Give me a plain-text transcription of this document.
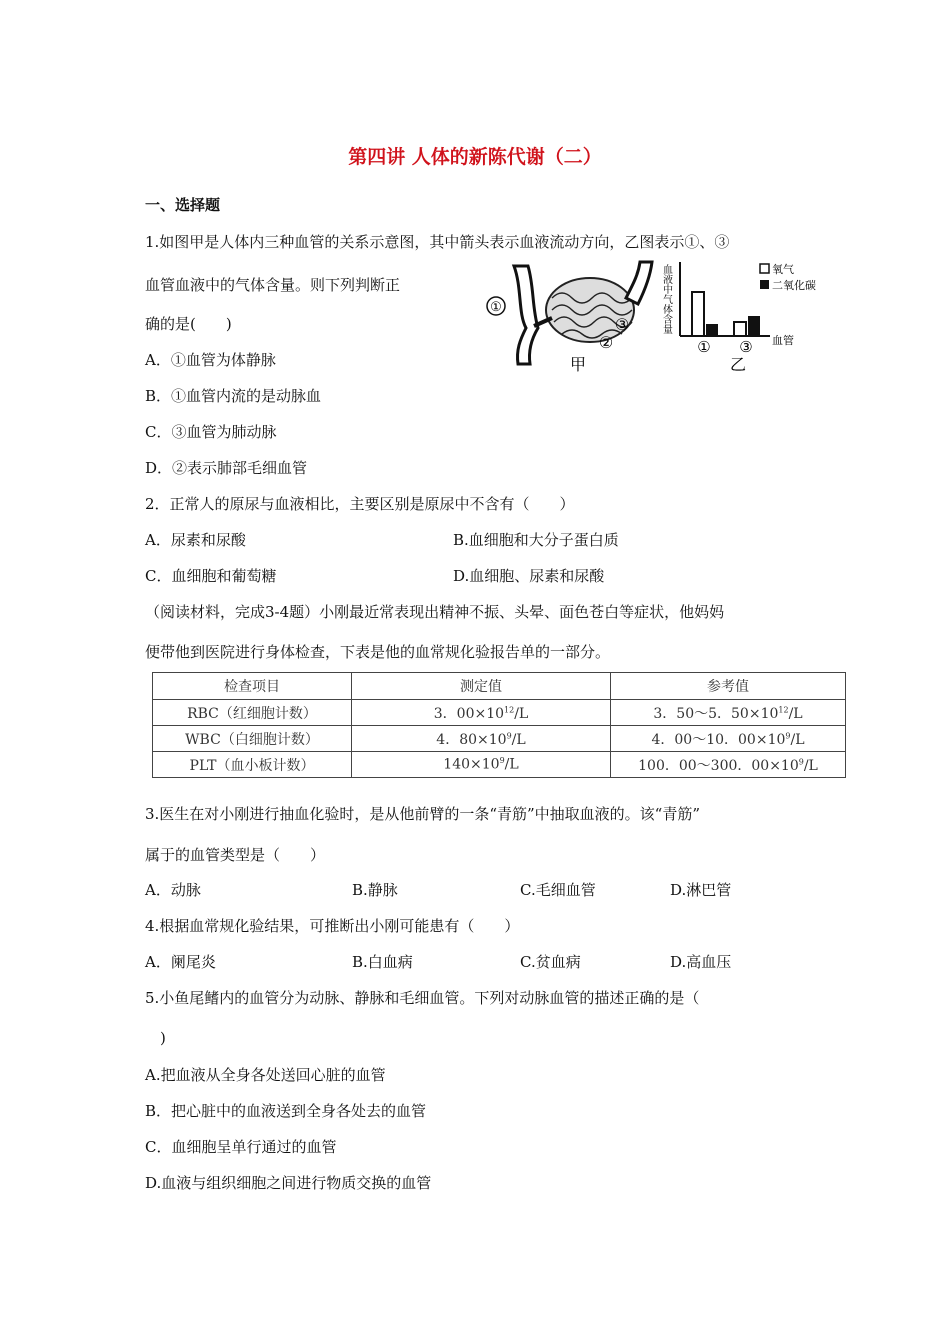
第四讲 人体的新陈代谢（二）
一、选择题
1.如图甲是人体内三种血管的关系示意图，其中箭头表示血液流动方向，乙图表示①、③
血管血液中的气体含量。则下列判断正
确的是(　　)
A．①血管为体静脉
B．①血管内流的是动脉血
C．③血管为肺动脉
D．②表示肺部毛细血管
①
②
③
甲
血液中气体含量
① ③ 血管
乙
氧气
二氧化碳
2．正常人的原尿与血液相比，主要区别是原尿中不含有（　　）
A．尿素和尿酸	B.血细胞和大分子蛋白质
C．血细胞和葡萄糖	D.血细胞、尿素和尿酸
（阅读材料，完成3-4题）小刚最近常表现出精神不振、头晕、面色苍白等症状，他妈妈
便带他到医院进行身体检查，下表是他的血常规化验报告单的一部分。
检查项目	测定值	参考值
RBC（红细胞计数）	3．$00\times 10^{12}/L$	3．50～5．$50\times 10^{12}/L$
WBC（白细胞计数）	4．$80\times 10^9/L$	4．00～10．$00\times 10^9/L$
PLT（血小板计数）	$140\times 10^9/L$	100．00～300．$00\times 10^9/L$
3.医生在对小刚进行抽血化验时，是从他前臂的一条“青筋”中抽取血液的。该“青筋”
属于的血管类型是（　　）
A．动脉	B.静脉	C.毛细血管	D.淋巴管
4.根据血常规化验结果，可推断出小刚可能患有（　　）
A．阑尾炎	B.白血病	C.贫血病	D.高血压
5.小鱼尾鳍内的血管分为动脉、静脉和毛细血管。下列对动脉血管的描述正确的是（
　)
A.把血液从全身各处送回心脏的血管
B．把心脏中的血液送到全身各处去的血管
C．血细胞呈单行通过的血管
D.血液与组织细胞之间进行物质交换的血管
